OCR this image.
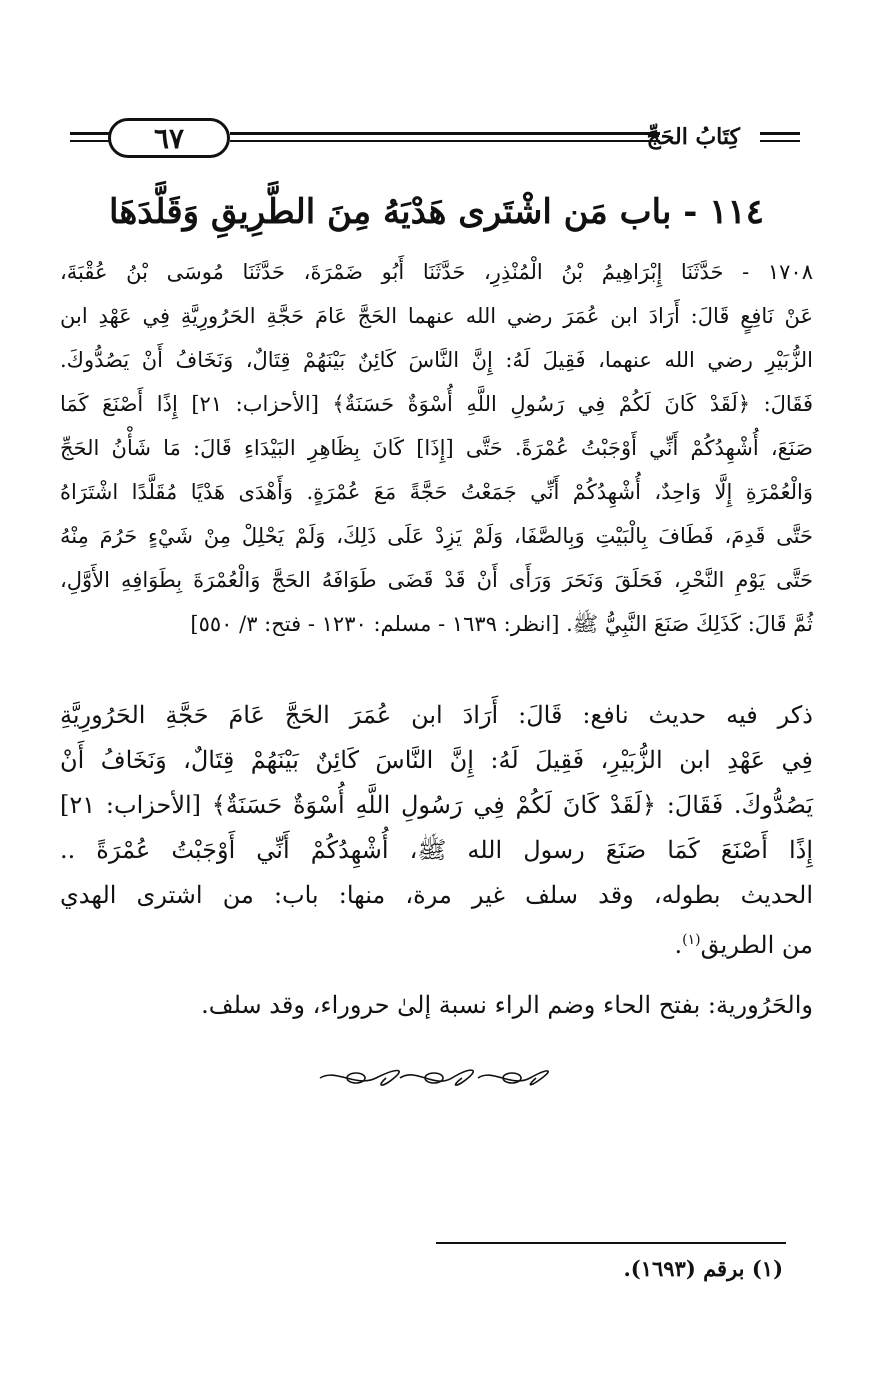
٦٧	كِتَابُ الحَجِّ
١١٤ - باب مَن اشْتَرى هَدْيَهُ مِنَ الطَّرِيقِ وَقَلَّدَهَا
١٧٠٨ - حَدَّثَنَا إِبْرَاهِيمُ بْنُ الْمُنْذِرِ، حَدَّثَنَا أَبُو ضَمْرَةَ، حَدَّثَنَا مُوسَى بْنُ عُقْبَةَ،
عَنْ نَافِعٍ قَالَ: أَرَادَ ابن عُمَرَ رضي الله عنهما الحَجَّ عَامَ حَجَّةِ الحَرُورِيَّةِ فِي عَهْدِ ابن
الزُّبَيْرِ رضي الله عنهما، فَقِيلَ لَهُ: إِنَّ النَّاسَ كَائِنٌ بَيْنَهُمْ قِتَالٌ، وَنَخَافُ أَنْ يَصُدُّوكَ.
فَقَالَ: ﴿لَقَدْ كَانَ لَكُمْ فِي رَسُولِ اللَّهِ أُسْوَةٌ حَسَنَةٌ﴾ [الأحزاب: ٢١] إِذًا أَصْنَعَ كَمَا
صَنَعَ، أُشْهِدُكُمْ أَنِّي أَوْجَبْتُ عُمْرَةً. حَتَّى [إِذَا] كَانَ بِظَاهِرِ البَيْدَاءِ قَالَ: مَا شَأْنُ الحَجِّ
وَالْعُمْرَةِ إِلَّا وَاحِدٌ، أُشْهِدُكُمْ أَنِّي جَمَعْتُ حَجَّةً مَعَ عُمْرَةٍ. وَأَهْدَى هَدْيًا مُقَلَّدًا اشْتَرَاهُ
حَتَّى قَدِمَ، فَطَافَ بِالْبَيْتِ وَبِالصَّفَا، وَلَمْ يَزِدْ عَلَى ذَلِكَ، وَلَمْ يَحْلِلْ مِنْ شَيْءٍ حَرُمَ مِنْهُ
حَتَّى يَوْمِ النَّحْرِ، فَحَلَقَ وَنَحَرَ وَرَأَى أَنْ قَدْ قَضَى طَوَافَهُ الحَجَّ وَالْعُمْرَةَ بِطَوَافِهِ الأَوَّلِ،
ثُمَّ قَالَ: كَذَلِكَ صَنَعَ النَّبِيُّ ﷺ. [انظر: ١٦٣٩ - مسلم: ١٢٣٠ - فتح: ٣/ ٥٥٠]
ذكر فيه حديث نافع: قَالَ: أَرَادَ ابن عُمَرَ الحَجَّ عَامَ حَجَّةِ الحَرُورِيَّةِ
فِي عَهْدِ ابن الزُّبَيْرِ، فَقِيلَ لَهُ: إِنَّ النَّاسَ كَائِنٌ بَيْنَهُمْ قِتَالٌ، وَنَخَافُ أَنْ
يَصُدُّوكَ. فَقَالَ: ﴿لَقَدْ كَانَ لَكُمْ فِي رَسُولِ اللَّهِ أُسْوَةٌ حَسَنَةٌ﴾ [الأحزاب: ٢١]
إِذًا أَصْنَعَ كَمَا صَنَعَ رسول الله ﷺ، أُشْهِدُكُمْ أَنِّي أَوْجَبْتُ عُمْرَةً ..
الحديث بطوله، وقد سلف غير مرة، منها: باب: من اشترى الهدي
من الطريق$^{(١)}$.
والحَرُورية: بفتح الحاء وضم الراء نسبة إلىٰ حروراء، وقد سلف.
(١) برقم (١٦٩٣).
